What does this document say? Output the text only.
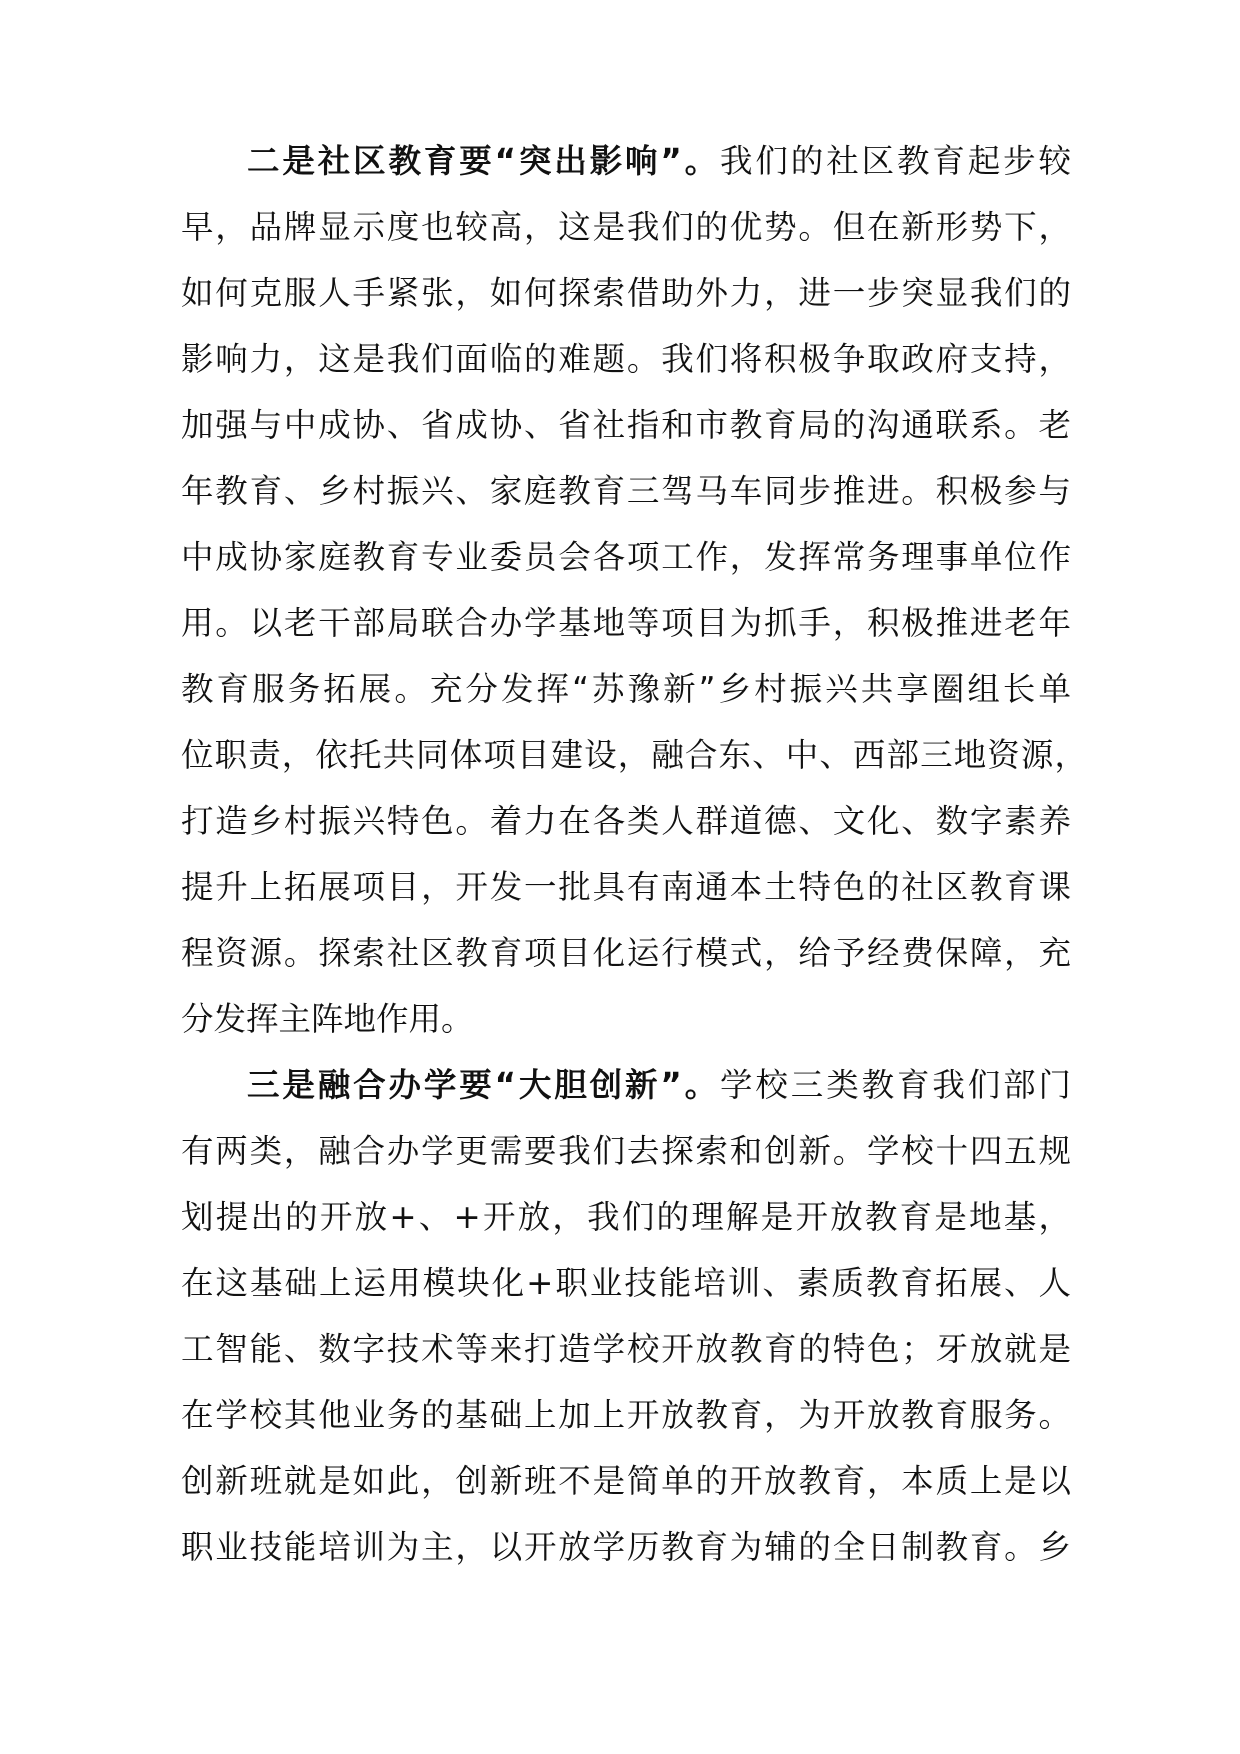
二是社区教育要“突出影响”。我们的社区教育起步较
早，品牌显示度也较高，这是我们的优势。但在新形势下，
如何克服人手紧张，如何探索借助外力，进一步突显我们的
影响力，这是我们面临的难题。我们将积极争取政府支持，
加强与中成协、省成协、省社指和市教育局的沟通联系。老
年教育、乡村振兴、家庭教育三驾马车同步推进。积极参与
中成协家庭教育专业委员会各项工作，发挥常务理事单位作
用。以老干部局联合办学基地等项目为抓手，积极推进老年
教育服务拓展。充分发挥“苏豫新”乡村振兴共享圈组长单
位职责，依托共同体项目建设，融合东、中、西部三地资源，
打造乡村振兴特色。着力在各类人群道德、文化、数字素养
提升上拓展项目，开发一批具有南通本土特色的社区教育课
程资源。探索社区教育项目化运行模式，给予经费保障，充
分发挥主阵地作用。
三是融合办学要“大胆创新”。学校三类教育我们部门
有两类，融合办学更需要我们去探索和创新。学校十四五规
划提出的开放+、+开放，我们的理解是开放教育是地基，
在这基础上运用模块化+职业技能培训、素质教育拓展、人
工智能、数字技术等来打造学校开放教育的特色；牙放就是
在学校其他业务的基础上加上开放教育，为开放教育服务。
创新班就是如此，创新班不是简单的开放教育，本质上是以
职业技能培训为主，以开放学历教育为辅的全日制教育。乡
